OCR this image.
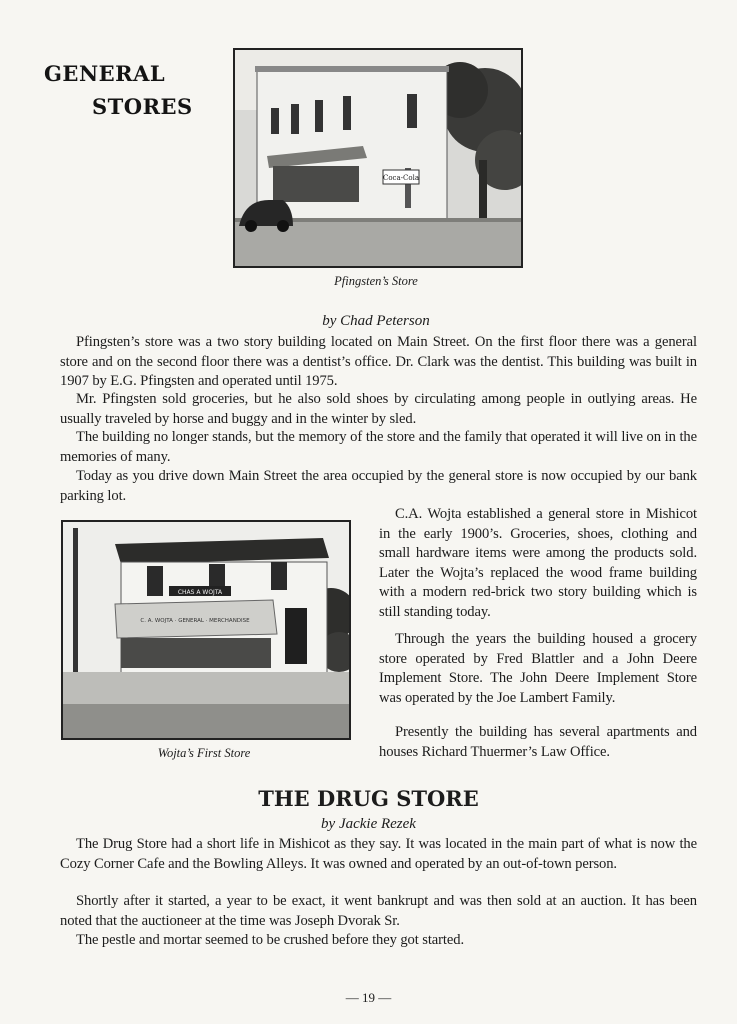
GENERAL
STORES
Coca-Cola
Pfingsten’s Store
by Chad Peterson

Pfingsten’s store was a two story building located on Main Street. On the first floor there was a general store and on the second floor there was a dentist’s office. Dr. Clark was the dentist. This building was built in 1907 by E.G. Pfingsten and operated until 1975.

Mr. Pfingsten sold groceries, but he also sold shoes by circulating among people in outlying areas. He usually traveled by horse and buggy and in the winter by sled.

The building no longer stands, but the memory of the store and the family that operated it will live on in the memories of many.

Today as you drive down Main Street the area occupied by the general store is now occupied by our bank parking lot.

CHAS A WOJTA
C. A. WOJTA · GENERAL · MERCHANDISE
Wojta’s First Store

C.A. Wojta established a general store in Mishicot in the early 1900’s. Groceries, shoes, clothing and small hardware items were among the products sold. Later the Wojta’s replaced the wood frame building with a modern red-brick two story building which is still standing today.

Through the years the building housed a grocery store operated by Fred Blattler and a John Deere Implement Store. The John Deere Implement Store was operated by the Joe Lambert Family.

Presently the building has several apartments and houses Richard Thuermer’s Law Office.

THE DRUG STORE
by Jackie Rezek

The Drug Store had a short life in Mishicot as they say. It was located in the main part of what is now the Cozy Corner Cafe and the Bowling Alleys. It was owned and operated by an out-of-town person.

Shortly after it started, a year to be exact, it went bankrupt and was then sold at an auction. It has been noted that the auctioneer at the time was Joseph Dvorak Sr.

The pestle and mortar seemed to be crushed before they got started.

— 19 —
